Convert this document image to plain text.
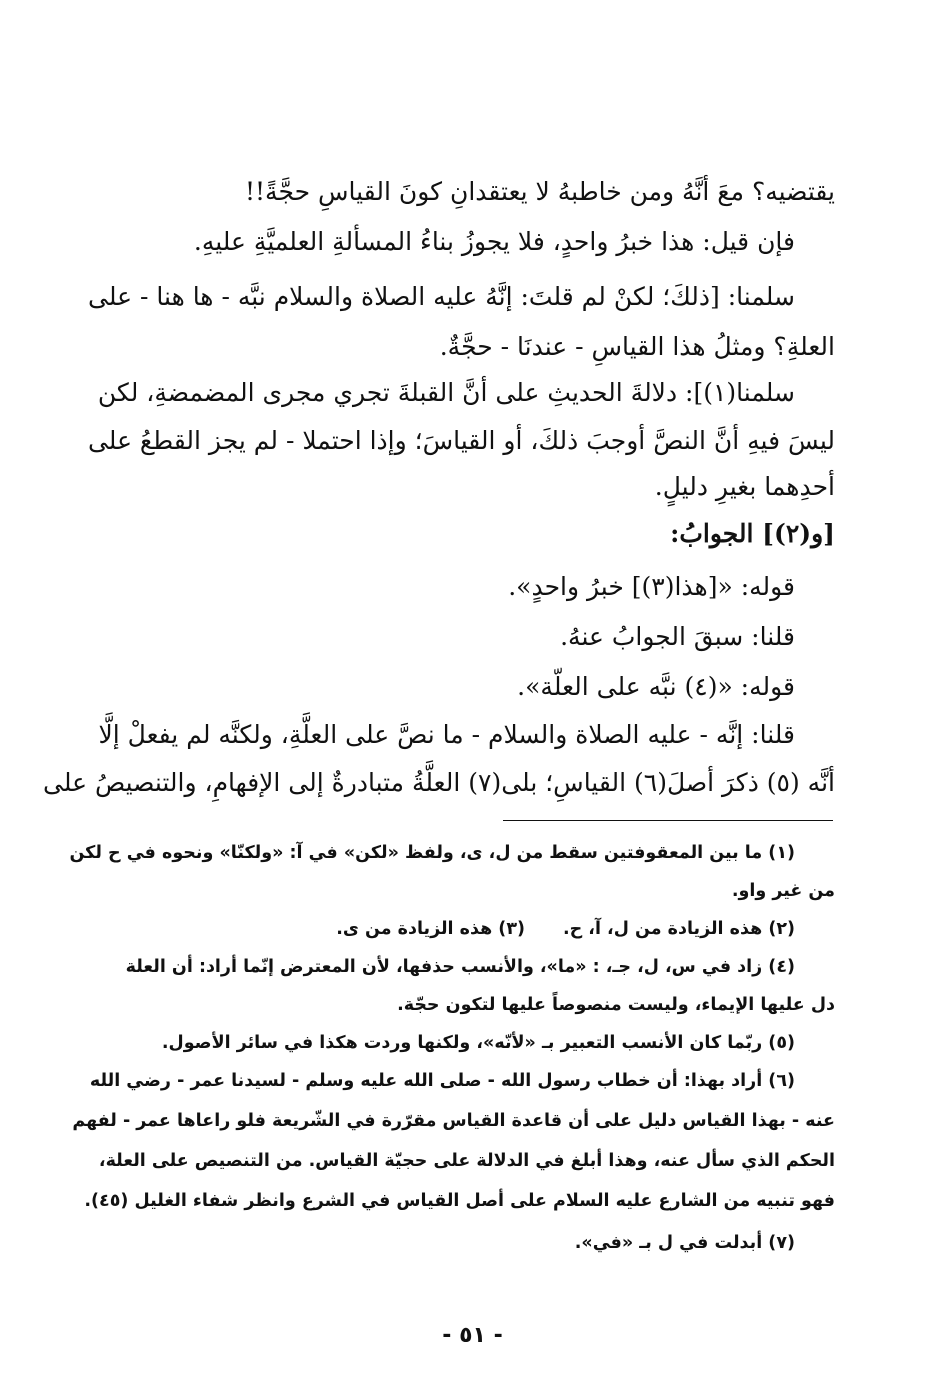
يقتضيه؟ معَ أنَّهُ ومن خاطبهُ لا يعتقدانِ كونَ القياسِ حجَّةً!!
فإن قيل: هذا خبرُ واحدٍ، فلا يجوزُ بناءُ المسألةِ العلميَّةِ عليهِ.
سلمنا: [ذلكَ؛ لكنْ لم قلتَ: إنَّهُ عليه الصلاة والسلام نبَّه - ها هنا - على
العلةِ؟ ومثلُ هذا القياسِ - عندنَا - حجَّةٌ.
سلمنا(١)]: دلالةَ الحديثِ على أنَّ القبلةَ تجري مجرى المضمضةِ، لكن
ليسَ فيهِ أنَّ النصَّ أوجبَ ذلكَ، أو القياسَ؛ وإذا احتملا - لم يجز القطعُ على
أحدِهما بغيرِ دليلٍ.
[و(٢)] الجوابُ:
قوله: «[هذا(٣)] خبرُ واحدٍ».
قلنا: سبقَ الجوابُ عنهُ.
قوله: «(٤) نبَّه على العلّة».
قلنا: إنَّه - عليه الصلاة والسلام - ما نصَّ على العلَّةِ، ولكنَّه لم يفعلْ إلَّا
أنَّه (٥) ذكرَ أصلَ(٦) القياسِ؛ بلى(٧) العلَّةُ متبادرةٌ إلى الإفهامِ، والتنصيصُ على
(١) ما بين المعقوفتين سقط من ل، ى، ولفظ «لكن» في آ: «ولكنّا» ونحوه في ح لكن
من غير واو.
(٢) هذه الزيادة من ل، آ، ح.
(٣) هذه الزيادة من ى.
(٤) زاد في س، ل، جـ، : «ما»، والأنسب حذفها، لأن المعترض إنّما أراد: أن العلة
دل عليها الإيماء، وليست منصوصاً عليها لتكون حجّة.
(٥) ربّما كان الأنسب التعبير بـ «لأنّه»، ولكنها وردت هكذا في سائر الأصول.
(٦) أراد بهذا: أن خطاب رسول الله - صلى الله عليه وسلم - لسيدنا عمر - رضي الله
عنه - بهذا القياس دليل على أن قاعدة القياس مقرّرة في الشّريعة فلو راعاها عمر - لفهم
الحكم الذي سأل عنه، وهذا أبلغ في الدلالة على حجيّة القياس. من التنصيص على العلة،
فهو تنبيه من الشارع عليه السلام على أصل القياس في الشرع وانظر شفاء الغليل (٤٥).
(٧) أبدلت في ل بـ «في».
- ٥١ -
